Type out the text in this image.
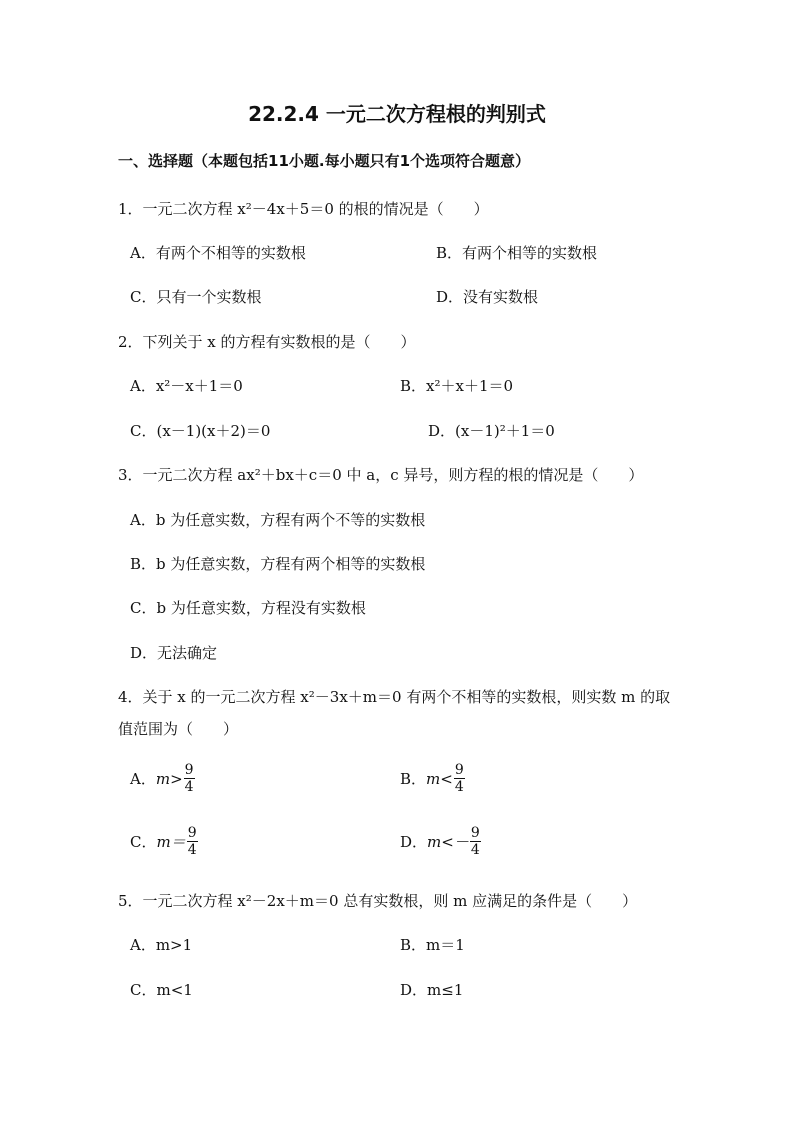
22.2.4 一元二次方程根的判别式
一、选择题（本题包括11小题.每小题只有1个选项符合题意）
1．一元二次方程 x²－4x＋5＝0 的根的情况是（　　）
A．有两个不相等的实数根	B．有两个相等的实数根
C．只有一个实数根	D．没有实数根
2．下列关于 x 的方程有实数根的是（　　）
A．x²－x＋1＝0	B．x²＋x＋1＝0
C．(x－1)(x＋2)＝0	D．(x－1)²＋1＝0
3．一元二次方程 ax²＋bx＋c＝0 中 a，c 异号，则方程的根的情况是（　　）
A．b 为任意实数，方程有两个不等的实数根
B．b 为任意实数，方程有两个相等的实数根
C．b 为任意实数，方程没有实数根
D．无法确定
4．关于 x 的一元二次方程 x²－3x＋m＝0 有两个不相等的实数根，则实数 m 的取
值范围为（　　）
A． $m> \frac{9}{4}$	B． $m< \frac{9}{4}$
C． $m= \frac{9}{4}$	D． $m<- \frac{9}{4}$
5．一元二次方程 x²－2x＋m＝0 总有实数根，则 m 应满足的条件是（　　）
A．m>1	B．m＝1
C．m<1	D．m≤1
